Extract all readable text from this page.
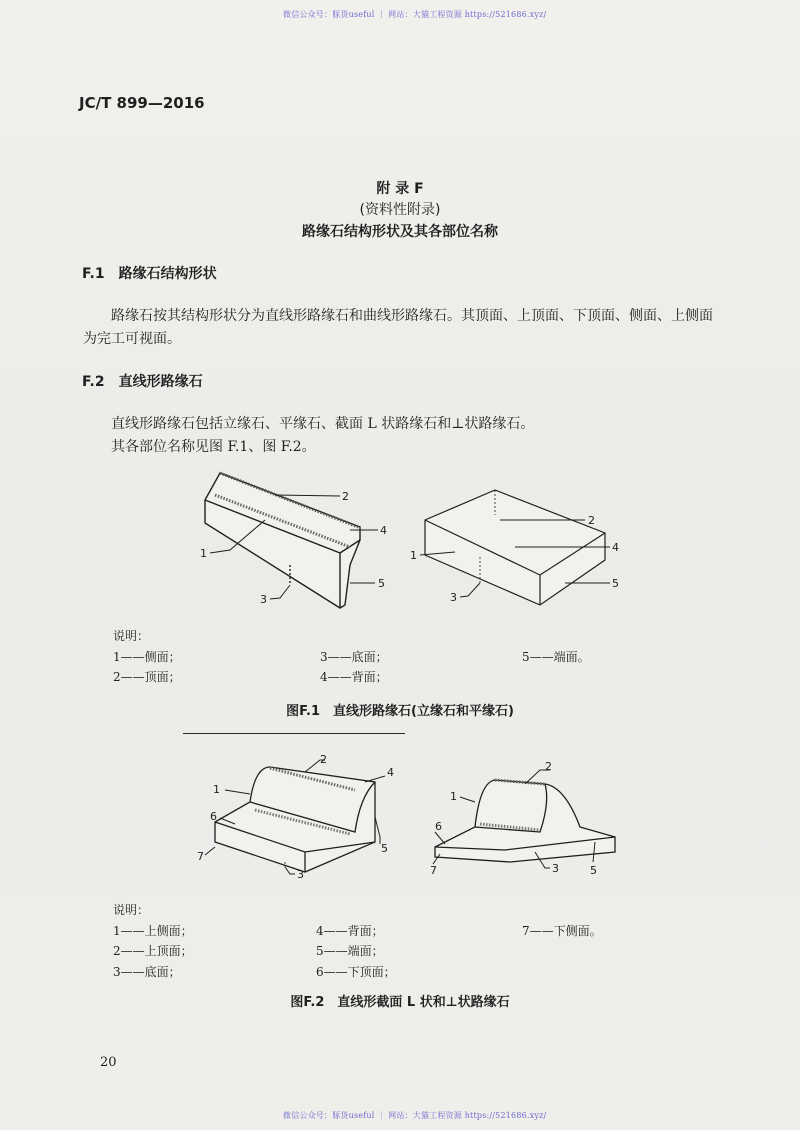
微信公众号：豚货useful ｜ 网站：大猫工程资源 https://521686.xyz/
JC/T 899—2016
附 录 F
(资料性附录)
路缘石结构形状及其各部位名称
F.1　路缘石结构形状
路缘石按其结构形状分为直线形路缘石和曲线形路缘石。其顶面、上顶面、下顶面、侧面、上侧面
为完工可视面。
F.2　直线形路缘石
直线形路缘石包括立缘石、平缘石、截面 L 状路缘石和⊥状路缘石。
其各部位名称见图 F.1、图 F.2。
1
2
4
3
5
1
2
4
3
5
说明：
1——侧面；
2——顶面；
3——底面；
4——背面；
5——端面。
图F.1　直线形路缘石(立缘石和平缘石)
1
2
4
6
7
3
5
1
2
6
7	3	5
说明：
1——上侧面；
2——上顶面；
3——底面；
4——背面；
5——端面；
6——下顶面；
7——下侧面。
图F.2　直线形截面 L 状和⊥状路缘石
20
微信公众号：豚货useful ｜ 网站：大猫工程资源 https://521686.xyz/
